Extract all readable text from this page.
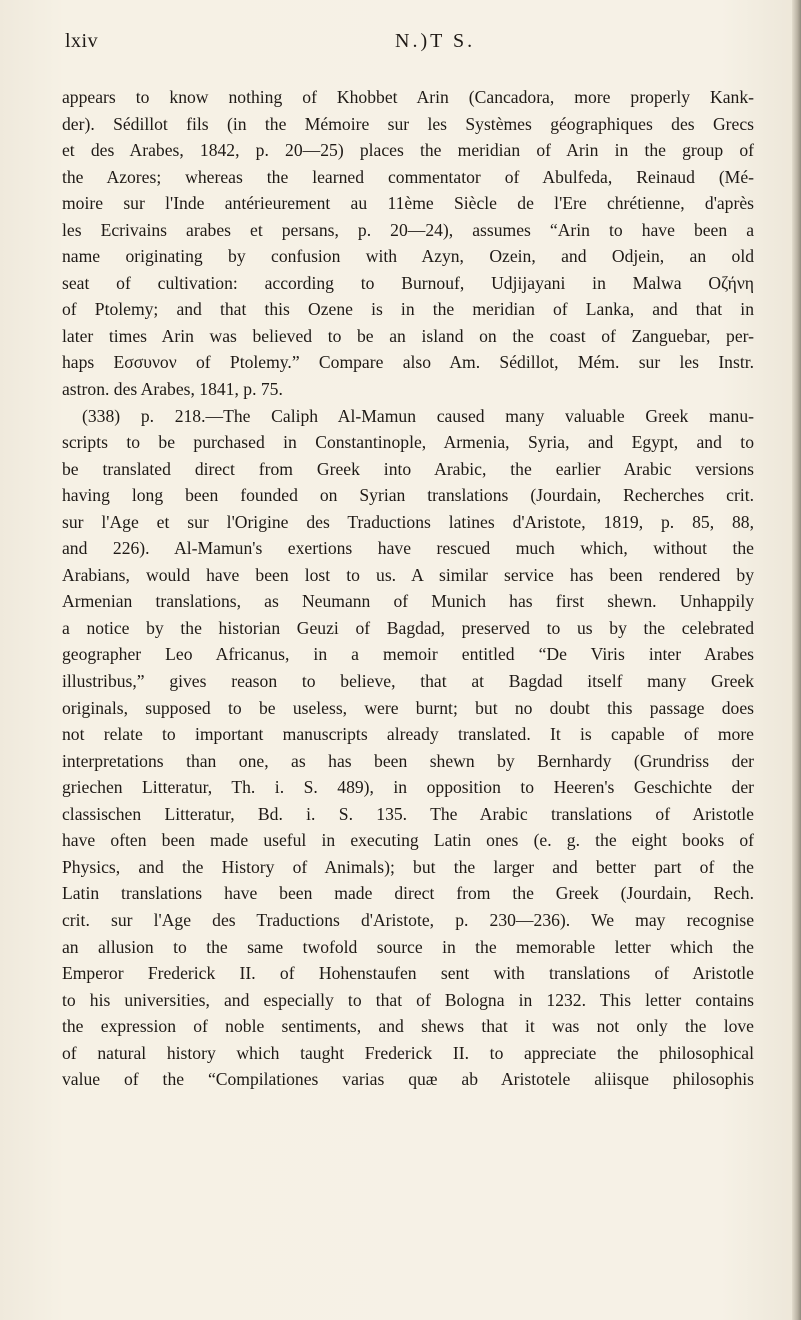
lxiv	N.)T S.
appears to know nothing of Khobbet Arin (Cancadora, more properly Kank-
der). Sédillot fils (in the Mémoire sur les Systèmes géographiques des Grecs
et des Arabes, 1842, p. 20—25) places the meridian of Arin in the group of
the Azores; whereas the learned commentator of Abulfeda, Reinaud (Mé-
moire sur l'Inde antérieurement au 11ème Siècle de l'Ere chrétienne, d'après
les Ecrivains arabes et persans, p. 20—24), assumes “Arin to have been a
name originating by confusion with Azyn, Ozein, and Odjein, an old
seat of cultivation: according to Burnouf, Udjijayani in Malwa Οζήνη
of Ptolemy; and that this Ozene is in the meridian of Lanka, and that in
later times Arin was believed to be an island on the coast of Zanguebar, per-
haps Εσσυνον of Ptolemy.” Compare also Am. Sédillot, Mém. sur les Instr.
astron. des Arabes, 1841, p. 75.
(338) p. 218.—The Caliph Al-Mamun caused many valuable Greek manu-
scripts to be purchased in Constantinople, Armenia, Syria, and Egypt, and to
be translated direct from Greek into Arabic, the earlier Arabic versions
having long been founded on Syrian translations (Jourdain, Recherches crit.
sur l'Age et sur l'Origine des Traductions latines d'Aristote, 1819, p. 85, 88,
and 226). Al-Mamun's exertions have rescued much which, without the
Arabians, would have been lost to us. A similar service has been rendered by
Armenian translations, as Neumann of Munich has first shewn. Unhappily
a notice by the historian Geuzi of Bagdad, preserved to us by the celebrated
geographer Leo Africanus, in a memoir entitled “De Viris inter Arabes
illustribus,” gives reason to believe, that at Bagdad itself many Greek
originals, supposed to be useless, were burnt; but no doubt this passage does
not relate to important manuscripts already translated. It is capable of more
interpretations than one, as has been shewn by Bernhardy (Grundriss der
griechen Litteratur, Th. i. S. 489), in opposition to Heeren's Geschichte der
classischen Litteratur, Bd. i. S. 135. The Arabic translations of Aristotle
have often been made useful in executing Latin ones (e. g. the eight books of
Physics, and the History of Animals); but the larger and better part of the
Latin translations have been made direct from the Greek (Jourdain, Rech.
crit. sur l'Age des Traductions d'Aristote, p. 230—236). We may recognise
an allusion to the same twofold source in the memorable letter which the
Emperor Frederick II. of Hohenstaufen sent with translations of Aristotle
to his universities, and especially to that of Bologna in 1232. This letter contains
the expression of noble sentiments, and shews that it was not only the love
of natural history which taught Frederick II. to appreciate the philosophical
value of the “Compilationes varias quæ ab Aristotele aliisque philosophis
